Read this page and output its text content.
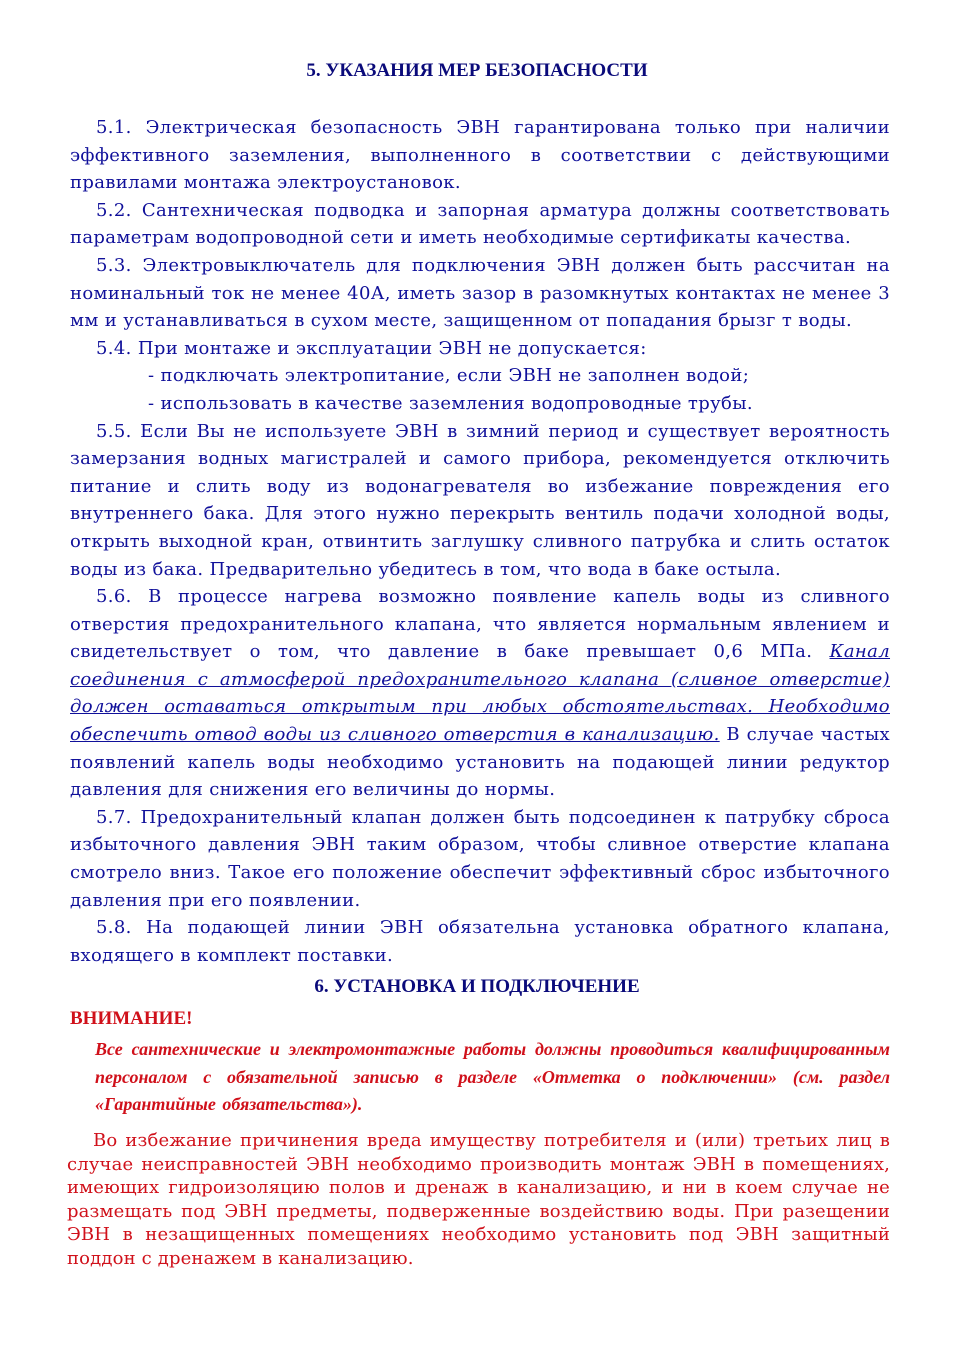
5. УКАЗАНИЯ МЕР БЕЗОПАСНОСТИ

5.1. Электрическая безопасность ЭВН гарантирована только при наличии эффективного заземления, выполненного в соответствии с действующими правилами монтажа электроустановок.

5.2. Сантехническая подводка и запорная арматура должны соответствовать параметрам водопроводной сети и иметь необходимые сертификаты качества.

5.3. Электровыключатель для подключения ЭВН должен быть рассчитан на номинальный ток не менее 40А, иметь зазор в разомкнутых контактах не менее 3 мм и устанавливаться в сухом месте, защищенном от попадания брызг т воды.

5.4. При монтаже и эксплуатации ЭВН не допускается:

- подключать электропитание, если ЭВН не заполнен водой;

- использовать в качестве заземления водопроводные трубы.

5.5. Если Вы не используете ЭВН в зимний период и существует вероятность замерзания водных магистралей и самого прибора, рекомендуется отключить питание и слить воду из водонагревателя во избежание повреждения его внутреннего бака. Для этого нужно перекрыть вентиль подачи холодной воды, открыть выходной кран, отвинтить заглушку сливного патрубка и слить остаток воды из бака. Предварительно убедитесь в том, что вода в баке остыла.

5.6. В процессе нагрева возможно появление капель воды из сливного отверстия предохранительного клапана, что является нормальным явлением и свидетельствует о том, что давление в баке превышает 0,6 МПа. Канал соединения с атмосферой предохранительного клапана (сливное отверстие) должен оставаться открытым при любых обстоятельствах. Необходимо обеспечить отвод воды из сливного отверстия в канализацию. В случае частых появлений капель воды необходимо установить на подающей линии редуктор давления для снижения его величины до нормы.

5.7. Предохранительный клапан должен быть подсоединен к патрубку сброса избыточного давления ЭВН таким образом, чтобы сливное отверстие клапана смотрело вниз. Такое его положение обеспечит эффективный сброс избыточного давления при его появлении.

5.8. На подающей линии ЭВН обязательна установка обратного клапана, входящего в комплект поставки.

6. УСТАНОВКА И ПОДКЛЮЧЕНИЕ
ВНИМАНИЕ!
Все сантехнические и электромонтажные работы должны проводиться квалифицированным персоналом с обязательной записью в разделе «Отметка о подключении» (см. раздел «Гарантийные обязательства»).

Во избежание причинения вреда имуществу потребителя и (или) третьих лиц в случае неисправностей ЭВН необходимо производить монтаж ЭВН в помещениях, имеющих гидроизоляцию полов и дренаж в канализацию, и ни в коем случае не размещать под ЭВН предметы, подверженные воздействию воды. При разещении ЭВН в незащищенных помещениях необходимо установить под ЭВН защитный поддон с дренажем в канализацию.
